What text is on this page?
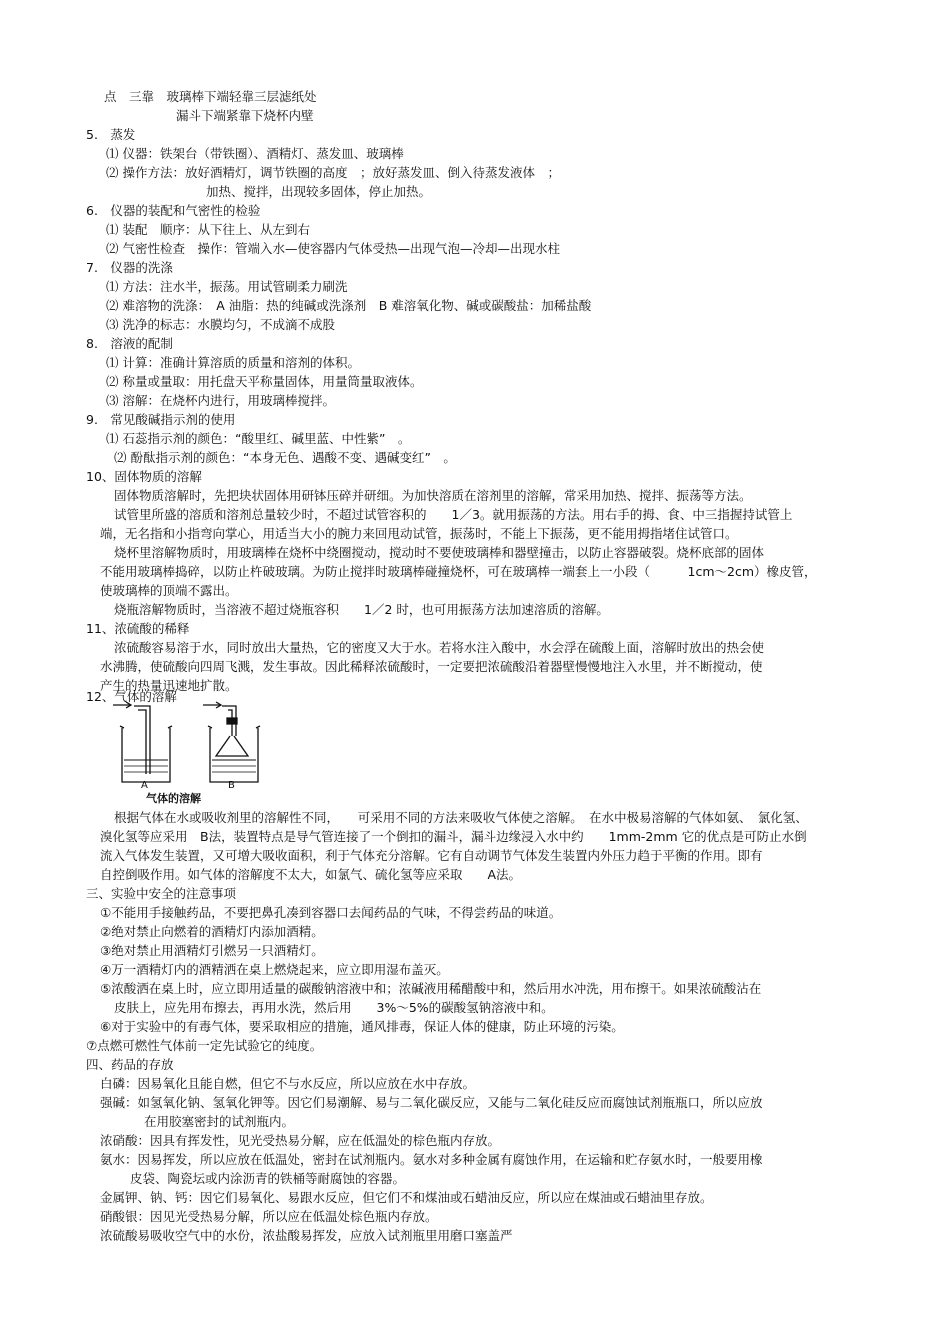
点　三靠　玻璃棒下端轻靠三层滤纸处
漏斗下端紧靠下烧杯内壁
5.　蒸发
⑴ 仪器：铁架台（带铁圈）、酒精灯、蒸发皿、玻璃棒
⑵ 操作方法：放好酒精灯，调节铁圈的高度　；放好蒸发皿、倒入待蒸发液体　；
加热、搅拌，出现较多固体，停止加热。
6.　仪器的装配和气密性的检验
⑴ 装配　顺序：从下往上、从左到右
⑵ 气密性检查　操作：管端入水—使容器内气体受热—出现气泡—冷却—出现水柱
7.　仪器的洗涤
⑴ 方法：注水半，振荡。用试管刷柔力刷洗
⑵ 难溶物的洗涤：　A 油脂：热的纯碱或洗涤剂　B 难溶氧化物、碱或碳酸盐：加稀盐酸
⑶ 洗净的标志：水膜均匀，不成滴不成股
8.　溶液的配制
⑴ 计算：准确计算溶质的质量和溶剂的体积。
⑵ 称量或量取：用托盘天平称量固体，用量筒量取液体。
⑶ 溶解：在烧杯内进行，用玻璃棒搅拌。
9.　常见酸碱指示剂的使用
⑴ 石蕊指示剂的颜色：“酸里红、碱里蓝、中性紫”　。
⑵ 酚酞指示剂的颜色：“本身无色、遇酸不变、遇碱变红”　。
10、固体物质的溶解
固体物质溶解时，先把块状固体用研钵压碎并研细。为加快溶质在溶剂里的溶解，常采用加热、搅拌、振荡等方法。
试管里所盛的溶质和溶剂总量较少时，不超过试管容积的　　1／3。就用振荡的方法。用右手的拇、食、中三指握持试管上
端，无名指和小指弯向掌心，用适当大小的腕力来回甩动试管，振荡时，不能上下振荡，更不能用拇指堵住试管口。
烧杯里溶解物质时，用玻璃棒在烧杯中绕圈搅动，搅动时不要使玻璃棒和器壁撞击，以防止容器破裂。烧杯底部的固体
不能用玻璃棒捣碎，以防止杵破玻璃。为防止搅拌时玻璃棒碰撞烧杯，可在玻璃棒一端套上一小段（　　　1cm～2cm）橡皮管，
使玻璃棒的顶端不露出。
烧瓶溶解物质时，当溶液不超过烧瓶容积　　1／2 时，也可用振荡方法加速溶质的溶解。
11、浓硫酸的稀释
浓硫酸容易溶于水，同时放出大量热，它的密度又大于水。若将水注入酸中，水会浮在硫酸上面，溶解时放出的热会使
水沸腾，使硫酸向四周飞溅，发生事故。因此稀释浓硫酸时，一定要把浓硫酸沿着器壁慢慢地注入水里，并不断搅动，使
产生的热量迅速地扩散。
12、气体的溶解
A	B
气体的溶解
根据气体在水或吸收剂里的溶解性不同，　　可采用不同的方法来吸收气体使之溶解。　在水中极易溶解的气体如氨、　氯化氢、
溴化氢等应采用　B法，装置特点是导气管连接了一个倒扣的漏斗，漏斗边缘浸入水中约　　1mm-2mm 它的优点是可防止水倒
流入气体发生装置，又可增大吸收面积，利于气体充分溶解。它有自动调节气体发生装置内外压力趋于平衡的作用。即有
自控倒吸作用。如气体的溶解度不太大，如氯气、硫化氢等应采取　　A法。
三、实验中安全的注意事项
①不能用手接触药品，不要把鼻孔凑到容器口去闻药品的气味，不得尝药品的味道。
②绝对禁止向燃着的酒精灯内添加酒精。
③绝对禁止用酒精灯引燃另一只酒精灯。
④万一酒精灯内的酒精洒在桌上燃烧起来，应立即用湿布盖灭。
⑤浓酸洒在桌上时，应立即用适量的碳酸钠溶液中和；浓碱液用稀醋酸中和，然后用水冲洗，用布擦干。如果浓硫酸沾在
皮肤上，应先用布擦去，再用水洗，然后用　　3%～5%的碳酸氢钠溶液中和。
⑥对于实验中的有毒气体，要采取相应的措施，通风排毒，保证人体的健康，防止环境的污染。
⑦点燃可燃性气体前一定先试验它的纯度。
四、药品的存放
白磷：因易氧化且能自燃，但它不与水反应，所以应放在水中存放。
强碱：如氢氧化钠、氢氧化钾等。因它们易潮解、易与二氧化碳反应，又能与二氧化硅反应而腐蚀试剂瓶瓶口，所以应放
在用胶塞密封的试剂瓶内。
浓硝酸：因具有挥发性，见光受热易分解，应在低温处的棕色瓶内存放。
氨水：因易挥发，所以应放在低温处，密封在试剂瓶内。氨水对多种金属有腐蚀作用，在运输和贮存氨水时，一般要用橡
皮袋、陶瓷坛或内涂沥青的铁桶等耐腐蚀的容器。
金属钾、钠、钙：因它们易氧化、易跟水反应，但它们不和煤油或石蜡油反应，所以应在煤油或石蜡油里存放。
硝酸银：因见光受热易分解，所以应在低温处棕色瓶内存放。
浓硫酸易吸收空气中的水份，浓盐酸易挥发，应放入试剂瓶里用磨口塞盖严
